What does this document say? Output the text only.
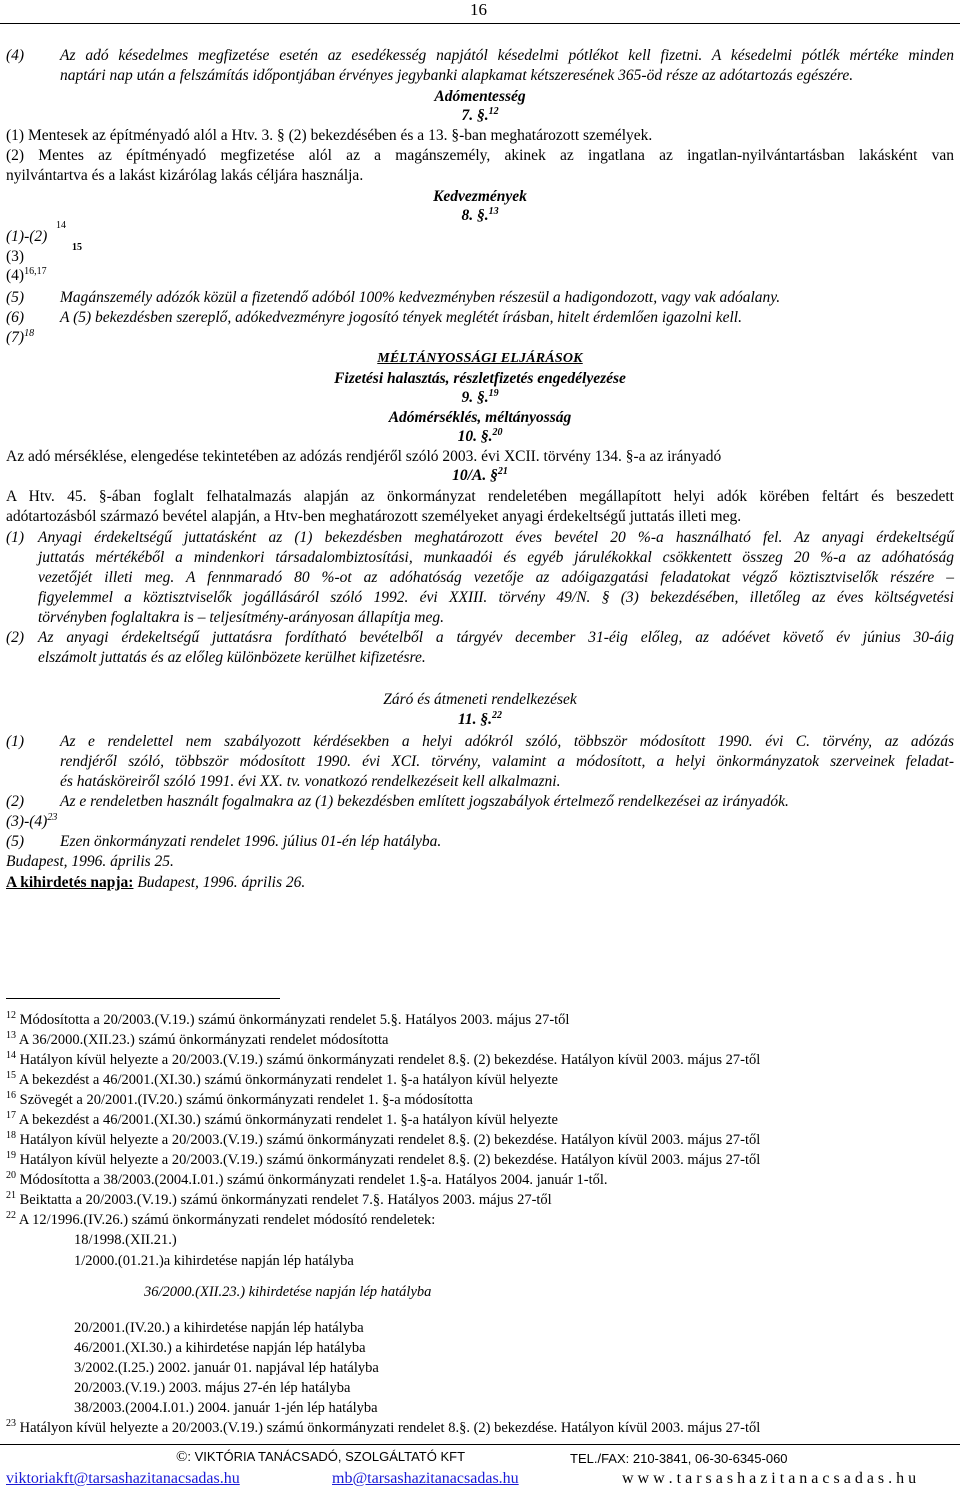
16
(4) Az adó késedelmes megfizetése esetén az esedékesség napjától késedelmi pótlékot kell fizetni. A késedelmi pótlék mértéke minden
naptári nap után a felszámítás időpontjában érvényes jegybanki alapkamat kétszeresének 365-öd része az adótartozás egészére.
Adómentesség
7. §.$^{12}$
(1) Mentesek az építményadó alól a Htv. 3. § (2) bekezdésében és a 13. §-ban meghatározott személyek.
(2) Mentes az építményadó megfizetése alól az a magánszemély, akinek az ingatlana az ingatlan-nyilvántartásban lakásként van
nyilvántartva és a lakást kizárólag lakás céljára használja.
Kedvezmények
8. §.$^{13}$
(1)-(2)
14
(3)
15
$(4)^{16,17}$
(5) Magánszemély adózók közül a fizetendő adóból 100% kedvezményben részesül a hadigondozott, vagy vak adóalany.
(6) A (5) bekezdésben szereplő, adókedvezményre jogosító tények meglétét írásban, hitelt érdemlően igazolni kell.
$(7)^{18}$
MÉLTÁNYOSSÁGI ELJÁRÁSOK
Fizetési halasztás, részletfizetés engedélyezése
9. §.$^{19}$
Adómérséklés, méltányosság
10. §.$^{20}$
Az adó mérséklése, elengedése tekintetében az adózás rendjéről szóló 2003. évi XCII. törvény 134. §-a az irányadó
10/A. §$^{21}$
A Htv. 45. §-ában foglalt felhatalmazás alapján az önkormányzat rendeletében megállapított helyi adók körében feltárt és beszedett
adótartozásból származó bevétel alapján, a Htv-ben meghatározott személyeket anyagi érdekeltségű juttatás illeti meg.
(1) Anyagi érdekeltségű juttatásként az (1) bekezdésben meghatározott éves bevétel 20 %-a használható fel. Az anyagi érdekeltségű
juttatás mértékéből a mindenkori társadalombiztosítási, munkaadói és egyéb járulékokkal csökkentett összeg 20 %-a az adóhatóság
vezetőjét illeti meg. A fennmaradó 80 %-ot az adóhatóság vezetője az adóigazgatási feladatokat végző köztisztviselők részére –
figyelemmel a köztisztviselők jogállásáról szóló 1992. évi XXIII. törvény 49/N. § (3) bekezdésében, illetőleg az éves költségvetési
törvényben foglaltakra is – teljesítmény-arányosan állapítja meg.
(2) Az anyagi érdekeltségű juttatásra fordítható bevételből a tárgyév december 31-éig előleg, az adóévet követő év június 30-áig
elszámolt juttatás és az előleg különbözete kerülhet kifizetésre.
Záró és átmeneti rendelkezések
11. §.$^{22}$
(1) Az e rendelettel nem szabályozott kérdésekben a helyi adókról szóló, többször módosított 1990. évi C. törvény, az adózás
rendjéről szóló, többször módosított 1990. évi XCI. törvény, valamint a módosított, a helyi önkormányzatok szerveinek feladat-
és hatásköreiről szóló 1991. évi XX. tv. vonatkozó rendelkezéseit kell alkalmazni.
(2) Az e rendeletben használt fogalmakra az (1) bekezdésben említett jogszabályok értelmező rendelkezései az irányadók.
$(3)-(4)^{23}$
(5) Ezen önkormányzati rendelet 1996. július 01-én lép hatályba.
Budapest, 1996. április 25.
A kihirdetés napja: Budapest, 1996. április 26.
$^{12}$ Módosította a 20/2003.(V.19.) számú önkormányzati rendelet 5.§. Hatályos 2003. május 27-től
$^{13}$ A 36/2000.(XII.23.) számú önkormányzati rendelet módosította
$^{14}$ Hatályon kívül helyezte a 20/2003.(V.19.) számú önkormányzati rendelet 8.§. (2) bekezdése. Hatályon kívül 2003. május 27-től
$^{15}$ A bekezdést a 46/2001.(XI.30.) számú önkormányzati rendelet 1. §-a hatályon kívül helyezte
$^{16}$ Szövegét a 20/2001.(IV.20.) számú önkormányzati rendelet 1. §-a módosította
$^{17}$ A bekezdést a 46/2001.(XI.30.) számú önkormányzati rendelet 1. §-a hatályon kívül helyezte
$^{18}$ Hatályon kívül helyezte a 20/2003.(V.19.) számú önkormányzati rendelet 8.§. (2) bekezdése. Hatályon kívül 2003. május 27-től
$^{19}$ Hatályon kívül helyezte a 20/2003.(V.19.) számú önkormányzati rendelet 8.§. (2) bekezdése. Hatályon kívül 2003. május 27-től
$^{20}$ Módosította a 38/2003.(2004.I.01.) számú önkormányzati rendelet 1.§-a. Hatályos 2004. január 1-től.
$^{21}$ Beiktatta a 20/2003.(V.19.) számú önkormányzati rendelet 7.§. Hatályos 2003. május 27-től
$^{22}$ A 12/1996.(IV.26.) számú önkormányzati rendelet módosító rendeletek:
18/1998.(XII.21.)
1/2000.(01.21.)a kihirdetése napján lép hatályba
36/2000.(XII.23.) kihirdetése napján lép hatályba
20/2001.(IV.20.) a kihirdetése napján lép hatályba
46/2001.(XI.30.) a kihirdetése napján lép hatályba
3/2002.(I.25.) 2002. január 01. napjával lép hatályba
20/2003.(V.19.) 2003. május 27-én lép hatályba
38/2003.(2004.I.01.) 2004. január 1-jén lép hatályba
$^{23}$ Hatályon kívül helyezte a 20/2003.(V.19.) számú önkormányzati rendelet 8.§. (2) bekezdése. Hatályon kívül 2003. május 27-től
©: VIKTÓRIA TANÁCSADÓ, SZOLGÁLTATÓ KFT	TEL./FAX: 210-3841, 06-30-6345-060
viktoriakft@tarsashazitanacsadas.hu	mb@tarsashazitanacsadas.hu	w w w . t a r s a s h a z i t a n a c s a d a s . h u
